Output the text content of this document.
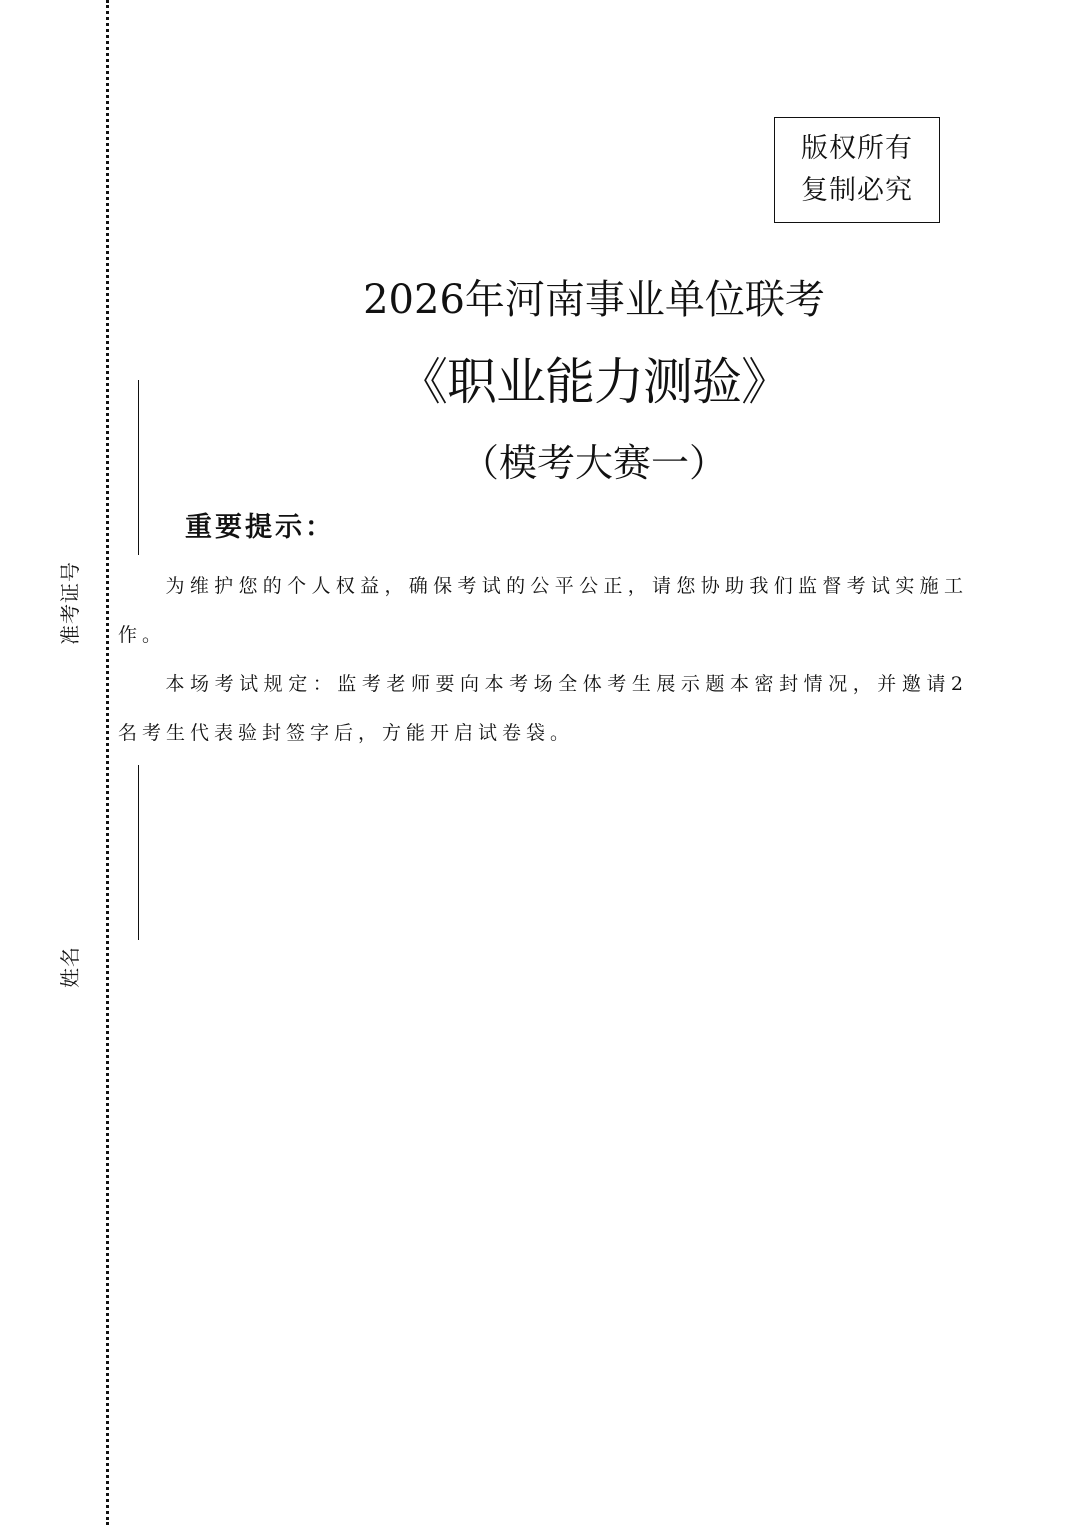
准考证号
姓名
版权所有
复制必究
2026年河南事业单位联考
《职业能力测验》
（模考大赛一）
重要提示：

为维护您的个人权益，确保考试的公平公正，请您协助我们监督考试实施工作。

本场考试规定：监考老师要向本考场全体考生展示题本密封情况，并邀请2名考生代表验封签字后，方能开启试卷袋。
